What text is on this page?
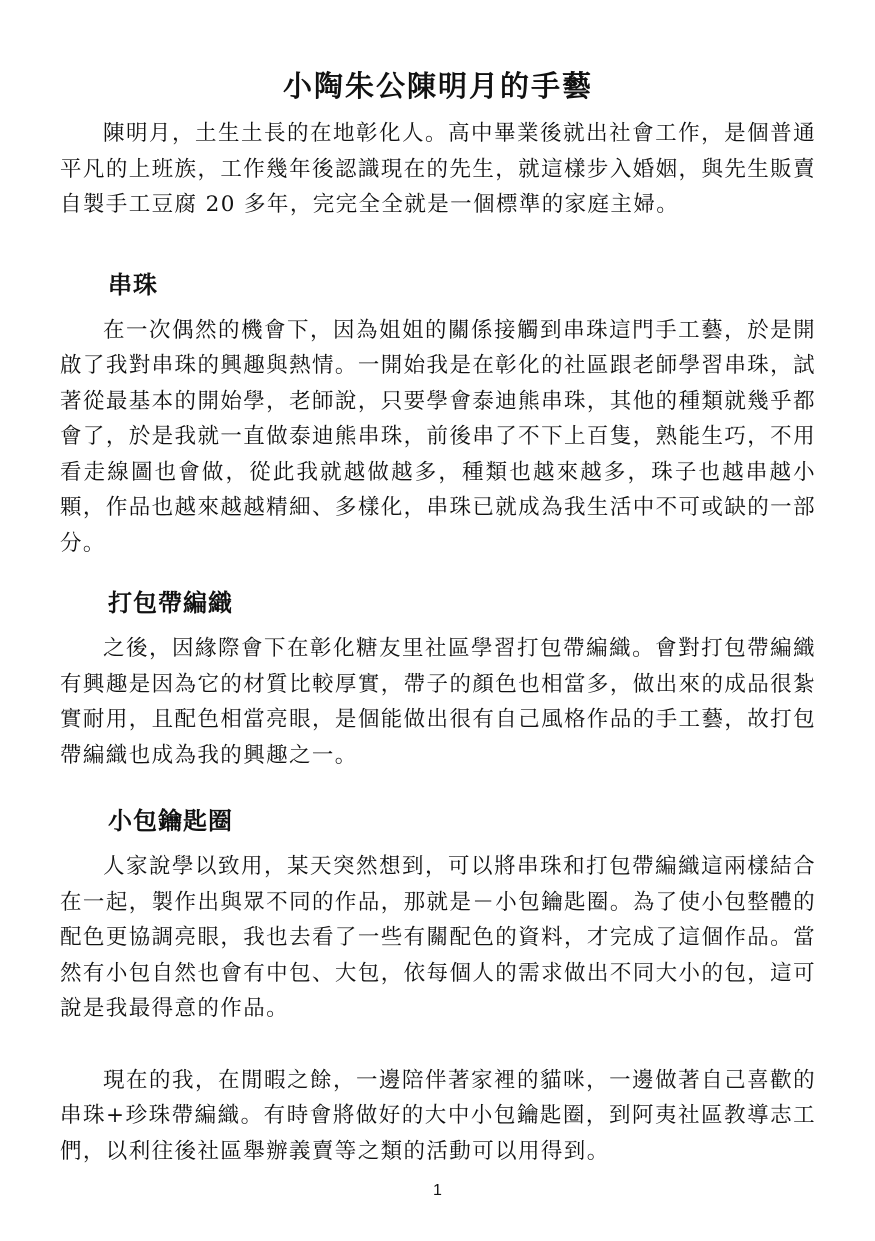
小陶朱公陳明月的手藝

陳明月，土生土長的在地彰化人。高中畢業後就出社會工作，是個普通平凡的上班族，工作幾年後認識現在的先生，就這樣步入婚姻，與先生販賣自製手工豆腐 20 多年，完完全全就是一個標準的家庭主婦。

串珠

在一次偶然的機會下，因為姐姐的關係接觸到串珠這門手工藝，於是開啟了我對串珠的興趣與熱情。一開始我是在彰化的社區跟老師學習串珠，試著從最基本的開始學，老師說，只要學會泰迪熊串珠，其他的種類就幾乎都會了，於是我就一直做泰迪熊串珠，前後串了不下上百隻，熟能生巧，不用看走線圖也會做，從此我就越做越多，種類也越來越多，珠子也越串越小顆，作品也越來越越精細、多樣化，串珠已就成為我生活中不可或缺的一部分。

打包帶編織

之後，因緣際會下在彰化糖友里社區學習打包帶編織。會對打包帶編織有興趣是因為它的材質比較厚實，帶子的顏色也相當多，做出來的成品很紮實耐用，且配色相當亮眼，是個能做出很有自己風格作品的手工藝，故打包帶編織也成為我的興趣之一。

小包鑰匙圈

人家說學以致用，某天突然想到，可以將串珠和打包帶編織這兩樣結合在一起，製作出與眾不同的作品，那就是－小包鑰匙圈。為了使小包整體的配色更協調亮眼，我也去看了一些有關配色的資料，才完成了這個作品。當然有小包自然也會有中包、大包，依每個人的需求做出不同大小的包，這可說是我最得意的作品。

現在的我，在閒暇之餘，一邊陪伴著家裡的貓咪，一邊做著自己喜歡的串珠+珍珠帶編織。有時會將做好的大中小包鑰匙圈，到阿夷社區教導志工們，以利往後社區舉辦義賣等之類的活動可以用得到。

1
